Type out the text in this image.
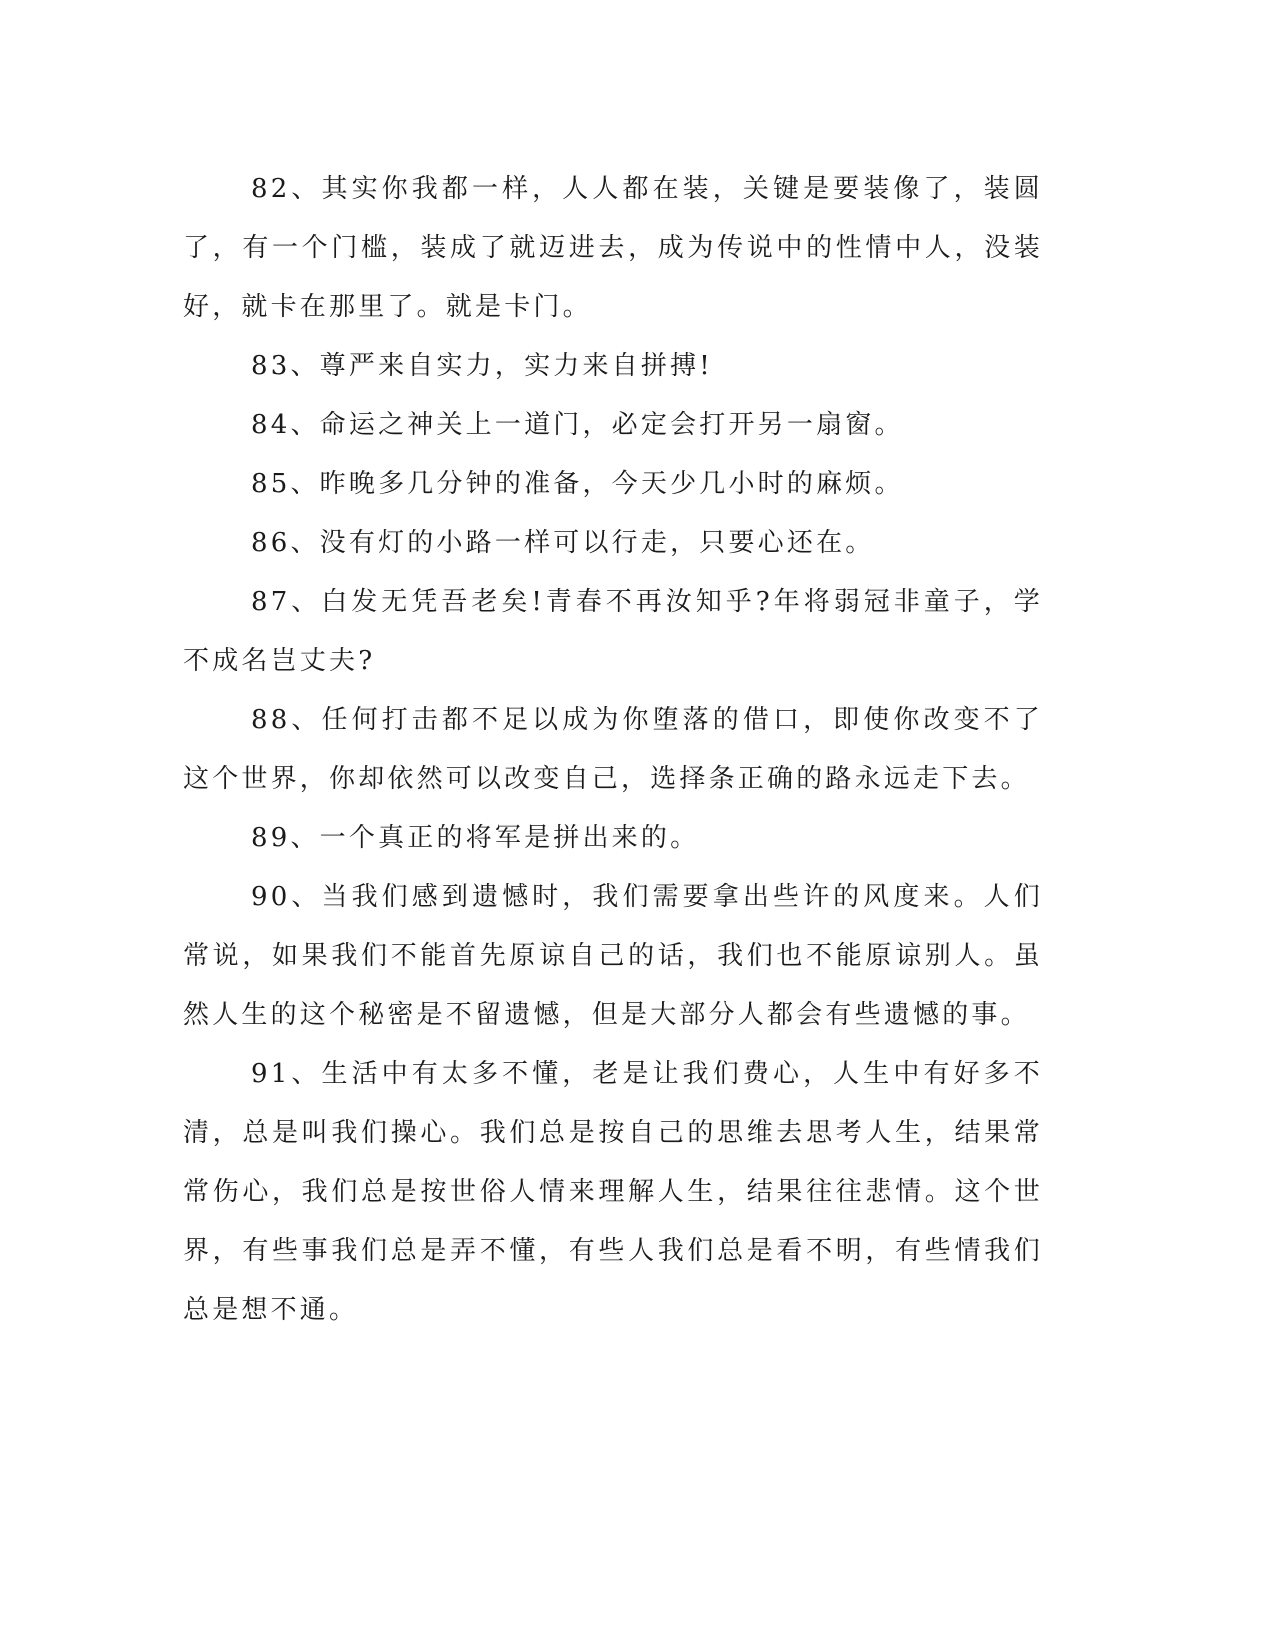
82、其实你我都一样，人人都在装，关键是要装像了，装圆了，有一个门槛，装成了就迈进去，成为传说中的性情中人，没装好，就卡在那里了。就是卡门。

83、尊严来自实力，实力来自拼搏!

84、命运之神关上一道门，必定会打开另一扇窗。

85、昨晚多几分钟的准备，今天少几小时的麻烦。

86、没有灯的小路一样可以行走，只要心还在。

87、白发无凭吾老矣!青春不再汝知乎?年将弱冠非童子，学不成名岂丈夫?

88、任何打击都不足以成为你堕落的借口，即使你改变不了这个世界，你却依然可以改变自己，选择条正确的路永远走下去。

89、一个真正的将军是拼出来的。

90、当我们感到遗憾时，我们需要拿出些许的风度来。人们常说，如果我们不能首先原谅自己的话，我们也不能原谅别人。虽然人生的这个秘密是不留遗憾，但是大部分人都会有些遗憾的事。

91、生活中有太多不懂，老是让我们费心，人生中有好多不清，总是叫我们操心。我们总是按自己的思维去思考人生，结果常常伤心，我们总是按世俗人情来理解人生，结果往往悲情。这个世界，有些事我们总是弄不懂，有些人我们总是看不明，有些情我们总是想不通。
